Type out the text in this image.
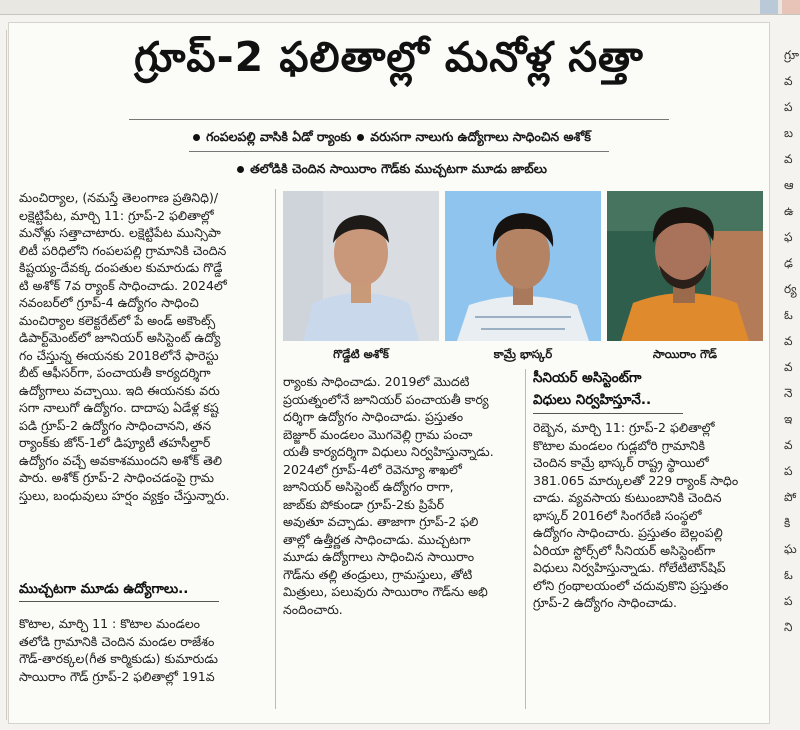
గ్రూప్-2 ఫలితాల్లో మనోళ్ల సత్తా
గంపలపల్లి వాసికి ఏడో ర్యాంకు వరుసగా నాలుగు ఉద్యోగాలు సాధించిన అశోక్
తలోడికి చెందిన సాయిరాం గౌడ్‌కు ముచ్చటగా మూడు జాబ్‌లు

మంచిర్యాల, (నమస్తే తెలంగాణ ప్రతినిధి)/

లక్షెట్టిపేట, మార్చి 11: గ్రూప్-2 ఫలితాల్లో

మనోళ్లు సత్తాచాటారు. లక్షెట్టిపేట మున్సిపా

లిటీ పరిధిలోని గంపలపల్లి గ్రామానికి చెందిన

కిష్టయ్య-దేవక్క దంపతుల కుమారుడు గొడ్డే

టి అశోక్ 7వ ర్యాంక్ సాధించాడు. 2024లో

నవంబర్‌లో గ్రూప్-4 ఉద్యోగం సాధించి

మంచిర్యాల కలెక్టరేట్‌లో పే అండ్ అకౌంట్స్

డిపార్ట్‌మెంట్‌లో జూనియర్ అసిస్టెంట్ ఉద్యో

గం చేస్తున్న ఈయనకు 2018లోనే ఫారెస్టు

బీట్ ఆఫీసర్‌గా, పంచాయతీ కార్యదర్శిగా

ఉద్యోగాలు వచ్చాయి. ఇది ఈయనకు వరు

సగా నాలుగో ఉద్యోగం. దాదాపు ఏడేళ్ల కష్ట

పడి గ్రూప్-2 ఉద్యోగం సాధించానని, తన

ర్యాంక్‌కు జోన్-1లో డిప్యూటీ తహసీల్దార్

ఉద్యోగం వచ్చే అవకాశముందని అశోక్ తెలి

పారు. అశోక్ గ్రూప్-2 సాధించడంపై గ్రామ

స్తులు, బంధువులు హర్షం వ్యక్తం చేస్తున్నారు.

ముచ్చటగా మూడు ఉద్యోగాలు..

కొటాల, మార్చి 11 : కొటాల మండలం

తలోడి గ్రామానికి చెందిన మండల రాజేశం

గౌడ్-తారక్కల(గీత కార్మికుడు) కుమారుడు

సాయిరాం గౌడ్ గ్రూప్-2 ఫలితాల్లో 191వ

గొడ్డేటి అశోక్	కామ్రే భాస్కర్	సాయిరాం గౌడ్

ర్యాంకు సాధించాడు. 2019లో మొదటి

ప్రయత్నంలోనే జూనియర్ పంచాయతీ కార్య

దర్శిగా ఉద్యోగం సాధించాడు. ప్రస్తుతం

బెజ్జూర్ మండలం మొగవెల్లి గ్రామ పంచా

యతీ కార్యదర్శిగా విధులు నిర్వహిస్తున్నాడు.

2024లో గ్రూప్-4లో రెవెన్యూ శాఖలో

జూనియర్ అసిస్టెంట్ ఉద్యోగం రాగా,

జాబ్‌కు పోకుండా గ్రూప్-2కు ప్రిపేర్

అవుతూ వచ్చాడు. తాజాగా గ్రూప్-2 ఫలి

తాల్లో ఉత్తీర్ణత సాధించాడు. ముచ్చటగా

మూడు ఉద్యోగాలు సాధించిన సాయిరాం

గౌడ్‌ను తల్లి తండ్రులు, గ్రామస్తులు, తోటి

మిత్రులు, పలువురు సాయిరాం గౌడ్‌ను అభి

నందించారు.

సీనియర్ అసిస్టెంట్‌గా
విధులు నిర్వహిస్తూనే..

రెబ్బెన, మార్చి 11: గ్రూప్-2 ఫలితాల్లో

కొటాల మండలం గుడ్లబోరి గ్రామానికి

చెందిన కామ్రే భాస్కర్ రాష్ట్ర స్థాయిలో

381.065 మార్కులతో 229 ర్యాంక్ సాధిం

చాడు. వ్యవసాయ కుటుంబానికి చెందిన

భాస్కర్ 2016లో సింగరేణి సంస్థలో

ఉద్యోగం సాధించారు. ప్రస్తుతం బెల్లంపల్లి

ఏరియా స్టోర్స్‌లో సీనియర్ అసిస్టెంట్‌గా

విధులు నిర్వహిస్తున్నాడు. గోలేటిటౌన్‌షిప్

లోని గ్రంథాలయంలో చదువుకొని ప్రస్తుతం

గ్రూప్-2 ఉద్యోగం సాధించాడు.

గ్రూ
వ
ప
బ
వ
ఆ
ఉ
ఫ
ఢ
ర్య
ఓ
వ
వ
నె
ఇ
వ
ప
పో
కి
ఘ
ఓ
ప
ని
